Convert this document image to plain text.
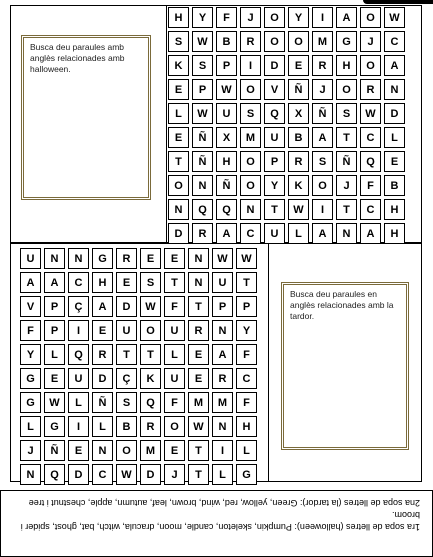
Busca deu paraules amb anglès relacionades amb halloween.
H	Y	F	J	O	Y	I	A	O	W
S	W	B	R	O	O	M	G	J	C
K	S	P	I	D	E	R	H	O	A
E	P	W	O	V	Ñ	J	O	R	N
L	W	U	S	Q	X	Ñ	S	W	D
E	Ñ	X	M	U	B	A	T	C	L
T	Ñ	H	O	P	R	S	Ñ	Q	E
O	N	Ñ	O	Y	K	O	J	F	B
N	Q	Q	N	T	W	I	T	C	H
D	R	A	C	U	L	A	N	A	H
U	N	N	G	R	E	E	N	W	W
A	A	C	H	E	S	T	N	U	T
V	P	Ç	A	D	W	F	T	P	P
F	P	I	E	U	O	U	R	N	Y
Y	L	Q	R	T	T	L	E	A	F
G	E	U	D	Ç	K	U	E	R	C
G	W	L	Ñ	S	Q	F	M	M	F
L	G	I	L	B	R	O	W	N	H
J	Ñ	E	N	O	M	E	T	I	L
N	Q	D	C	W	D	J	T	L	G
Busca deu paraules en anglès relacionades amb la tardor.
1ra sopa de lletres (halloween): Pumpkin, skeleton, candle, moon, dracula, witch, bat, ghost, spider i broom.
2na sopa de lletres (la tardor): Green, yellow, red, wind, brown, leaf, autumn, apple, chestnut i tree
